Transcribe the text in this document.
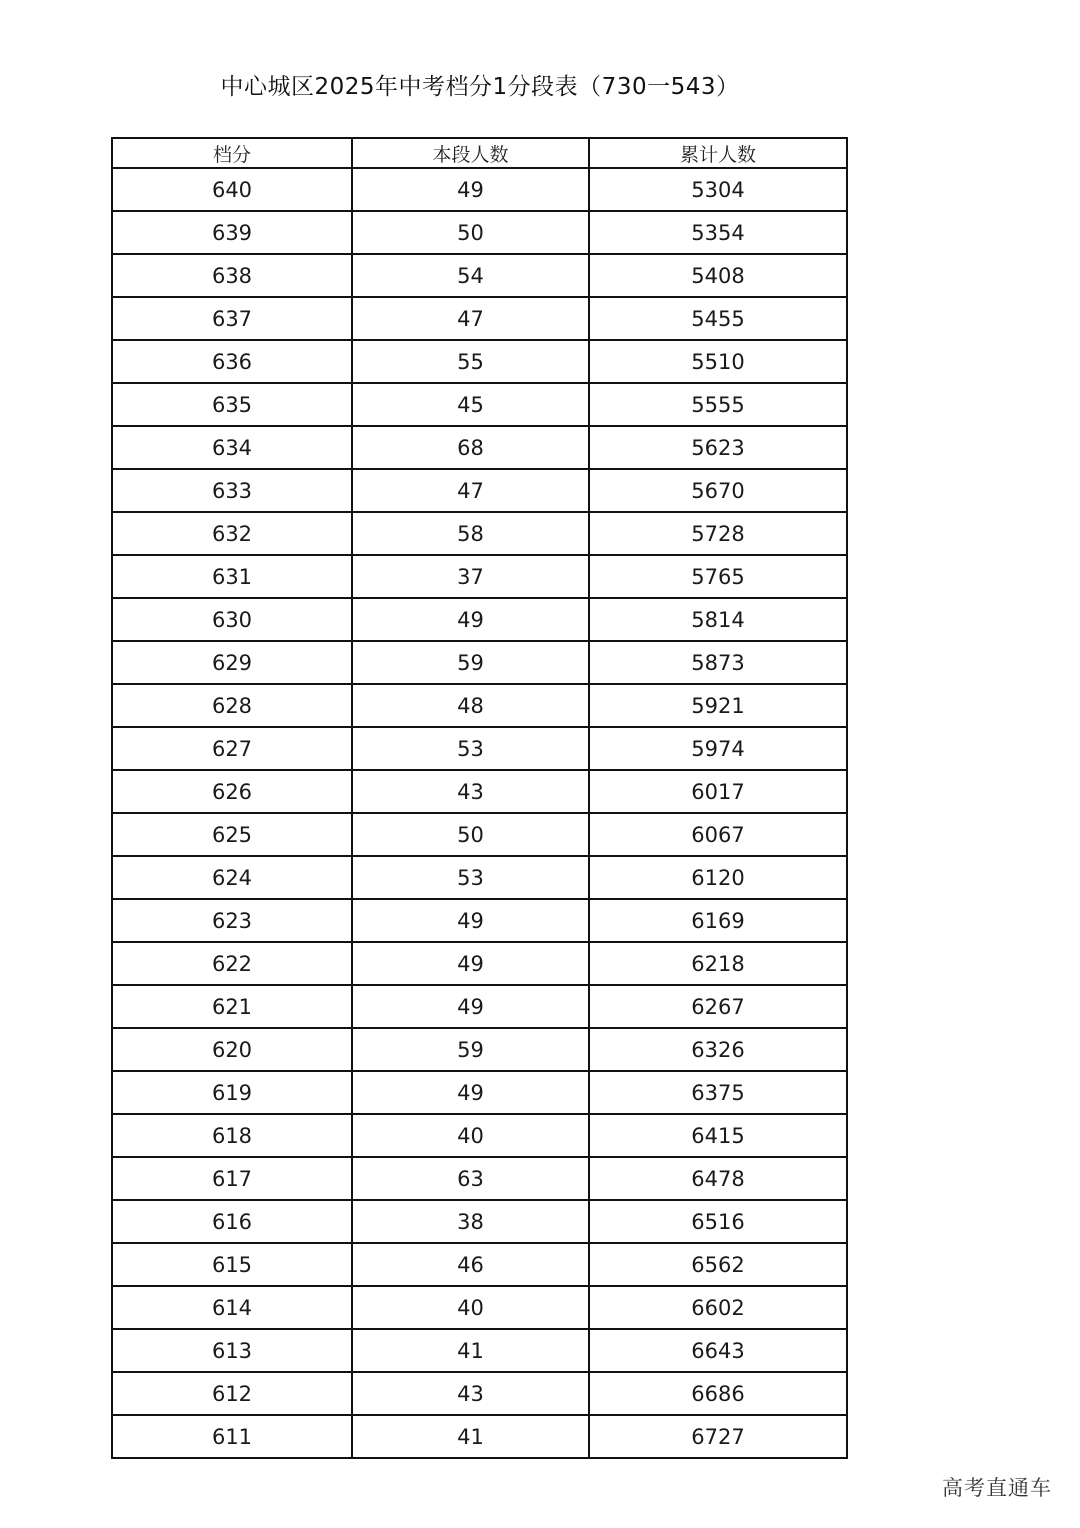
中心城区2025年中考档分1分段表（730一543）
档分	本段人数	累计人数
640	49	5304
639	50	5354
638	54	5408
637	47	5455
636	55	5510
635	45	5555
634	68	5623
633	47	5670
632	58	5728
631	37	5765
630	49	5814
629	59	5873
628	48	5921
627	53	5974
626	43	6017
625	50	6067
624	53	6120
623	49	6169
622	49	6218
621	49	6267
620	59	6326
619	49	6375
618	40	6415
617	63	6478
616	38	6516
615	46	6562
614	40	6602
613	41	6643
612	43	6686
611	41	6727
高考直通车
